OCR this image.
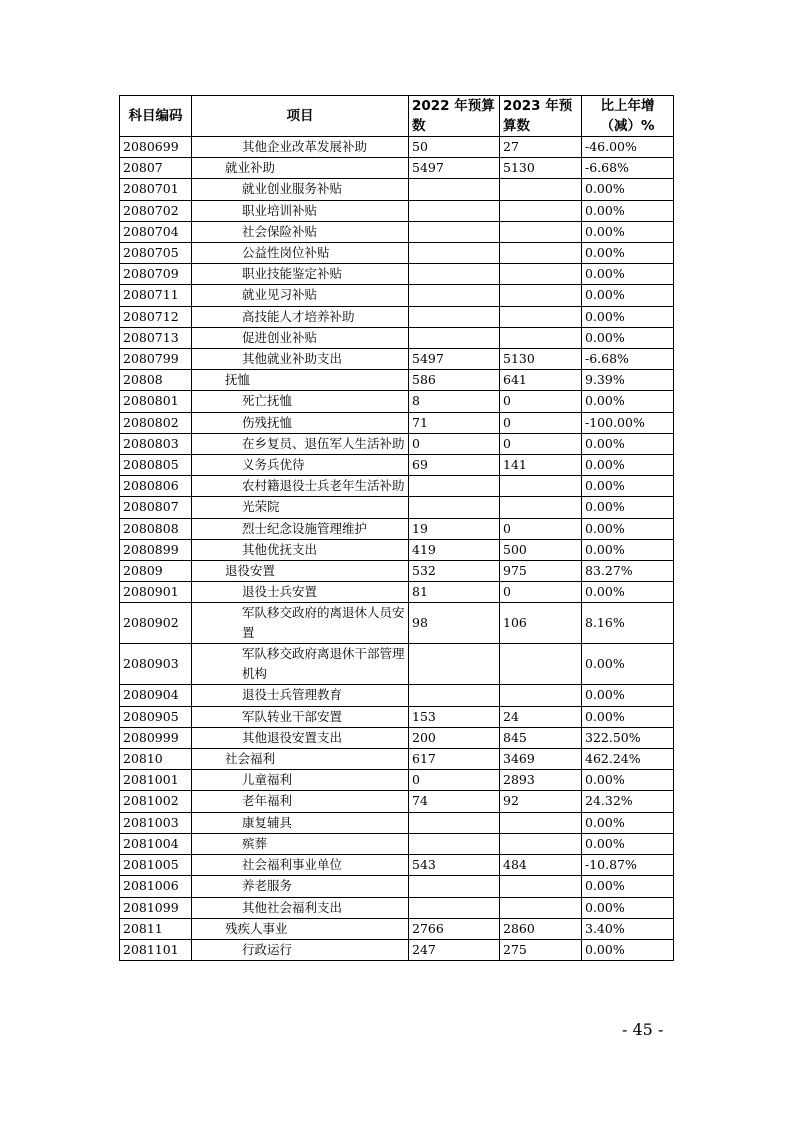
科目编码	项目	2022 年预算数	2023 年预算数	比上年增（减）%
2080699	其他企业改革发展补助	50	27	-46.00%
20807	就业补助	5497	5130	-6.68%
2080701	就业创业服务补贴			0.00%
2080702	职业培训补贴			0.00%
2080704	社会保险补贴			0.00%
2080705	公益性岗位补贴			0.00%
2080709	职业技能鉴定补贴			0.00%
2080711	就业见习补贴			0.00%
2080712	高技能人才培养补助			0.00%
2080713	促进创业补贴			0.00%
2080799	其他就业补助支出	5497	5130	-6.68%
20808	抚恤	586	641	9.39%
2080801	死亡抚恤	8	0	0.00%
2080802	伤残抚恤	71	0	-100.00%
2080803	在乡复员、退伍军人生活补助	0	0	0.00%
2080805	义务兵优待	69	141	0.00%
2080806	农村籍退役士兵老年生活补助			0.00%
2080807	光荣院			0.00%
2080808	烈士纪念设施管理维护	19	0	0.00%
2080899	其他优抚支出	419	500	0.00%
20809	退役安置	532	975	83.27%
2080901	退役士兵安置	81	0	0.00%
2080902	军队移交政府的离退休人员安置	98	106	8.16%
2080903	军队移交政府离退休干部管理机构			0.00%
2080904	退役士兵管理教育			0.00%
2080905	军队转业干部安置	153	24	0.00%
2080999	其他退役安置支出	200	845	322.50%
20810	社会福利	617	3469	462.24%
2081001	儿童福利	0	2893	0.00%
2081002	老年福利	74	92	24.32%
2081003	康复辅具			0.00%
2081004	殡葬			0.00%
2081005	社会福利事业单位	543	484	-10.87%
2081006	养老服务			0.00%
2081099	其他社会福利支出			0.00%
20811	残疾人事业	2766	2860	3.40%
2081101	行政运行	247	275	0.00%
- 45 -
